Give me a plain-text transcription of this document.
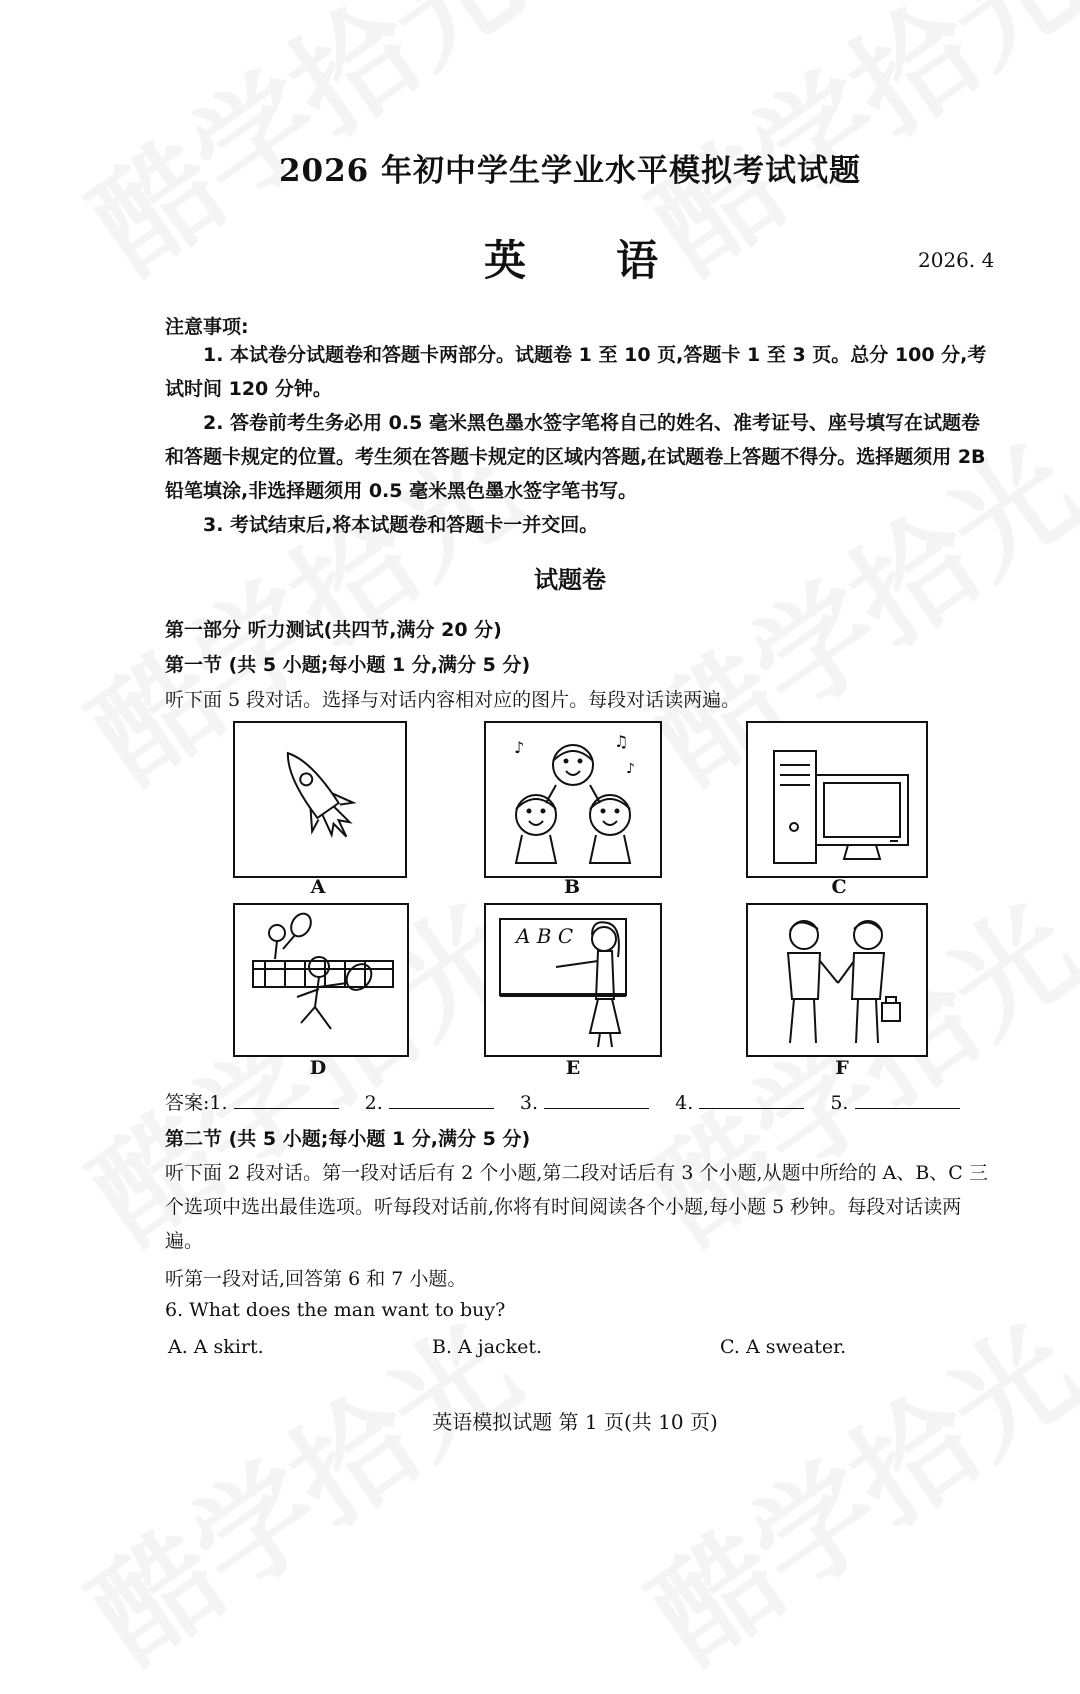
2026 年初中学生学业水平模拟考试试题
英语	2026. 4
注意事项:
1. 本试卷分试题卷和答题卡两部分。试题卷 1 至 10 页,答题卡 1 至 3 页。总分 100 分,考试时间 120 分钟。
2. 答卷前考生务必用 0.5 毫米黑色墨水签字笔将自己的姓名、准考证号、座号填写在试题卷和答题卡规定的位置。考生须在答题卡规定的区域内答题,在试题卷上答题不得分。选择题须用 2B 铅笔填涂,非选择题须用 0.5 毫米黑色墨水签字笔书写。
3. 考试结束后,将本试题卷和答题卡一并交回。
试题卷
第一部分 听力测试(共四节,满分 20 分)
第一节 (共 5 小题;每小题 1 分,满分 5 分)
听下面 5 段对话。选择与对话内容相对应的图片。每段对话读两遍。
A
♪	♫
♪
B	C
D
A B C
E	F
答案:1.	2.	3.	4.	5.
第二节 (共 5 小题;每小题 1 分,满分 5 分)
听下面 2 段对话。第一段对话后有 2 个小题,第二段对话后有 3 个小题,从题中所给的 A、B、C 三个选项中选出最佳选项。听每段对话前,你将有时间阅读各个小题,每小题 5 秒钟。每段对话读两遍。
听第一段对话,回答第 6 和 7 小题。
6. What does the man want to buy?
A. A skirt.	B. A jacket.	C. A sweater.
英语模拟试题 第 1 页(共 10 页)
